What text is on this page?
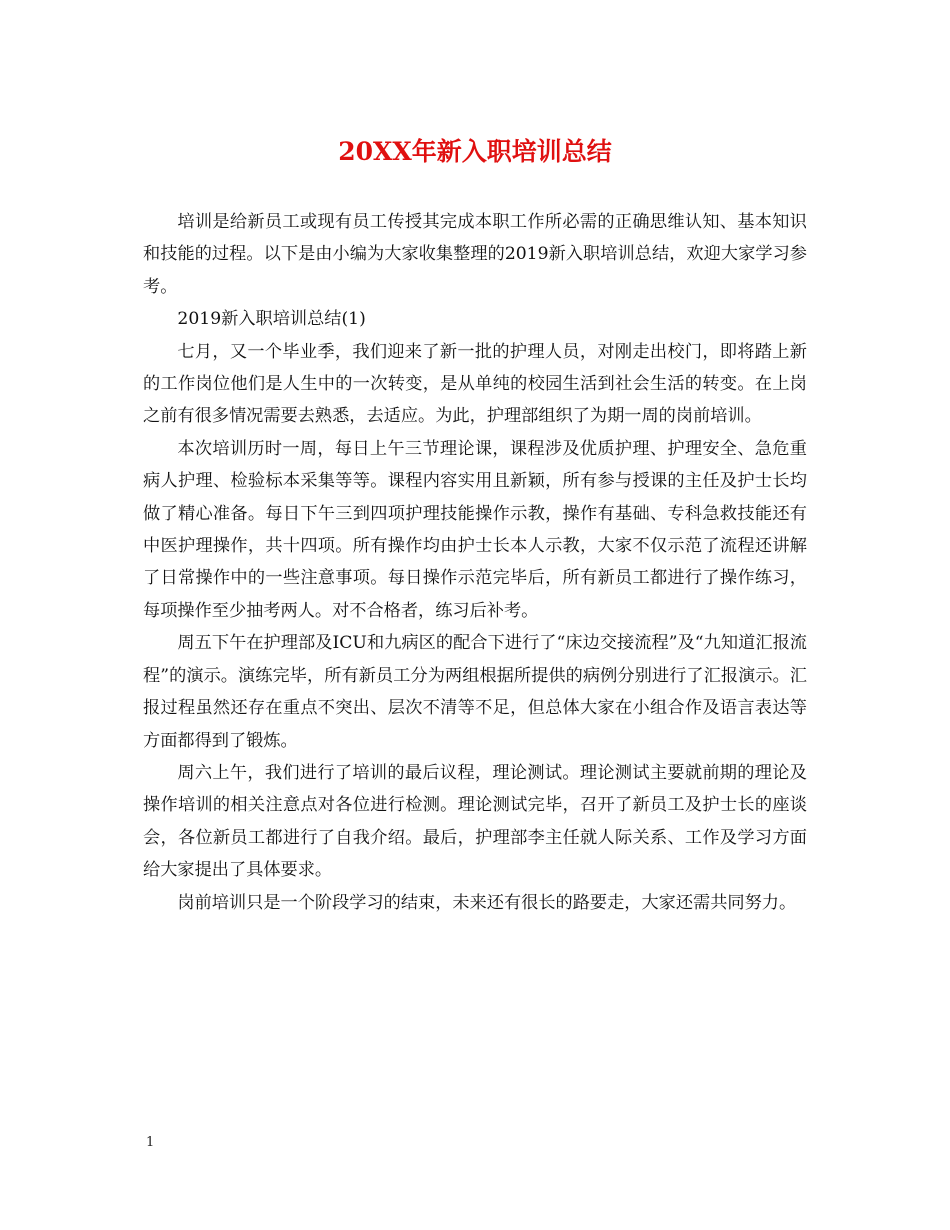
20XX年新入职培训总结

培训是给新员工或现有员工传授其完成本职工作所必需的正确思维认知、基本知识和技能的过程。以下是由小编为大家收集整理的2019新入职培训总结，欢迎大家学习参考。

2019新入职培训总结(1)

七月，又一个毕业季，我们迎来了新一批的护理人员，对刚走出校门，即将踏上新的工作岗位他们是人生中的一次转变，是从单纯的校园生活到社会生活的转变。在上岗之前有很多情况需要去熟悉，去适应。为此，护理部组织了为期一周的岗前培训。

本次培训历时一周，每日上午三节理论课，课程涉及优质护理、护理安全、急危重病人护理、检验标本采集等等。课程内容实用且新颖，所有参与授课的主任及护士长均做了精心准备。每日下午三到四项护理技能操作示教，操作有基础、专科急救技能还有中医护理操作，共十四项。所有操作均由护士长本人示教，大家不仅示范了流程还讲解了日常操作中的一些注意事项。每日操作示范完毕后，所有新员工都进行了操作练习，每项操作至少抽考两人。对不合格者，练习后补考。

周五下午在护理部及ICU和九病区的配合下进行了“床边交接流程”及“九知道汇报流程”的演示。演练完毕，所有新员工分为两组根据所提供的病例分别进行了汇报演示。汇报过程虽然还存在重点不突出、层次不清等不足，但总体大家在小组合作及语言表达等方面都得到了锻炼。

周六上午，我们进行了培训的最后议程，理论测试。理论测试主要就前期的理论及操作培训的相关注意点对各位进行检测。理论测试完毕，召开了新员工及护士长的座谈会，各位新员工都进行了自我介绍。最后，护理部李主任就人际关系、工作及学习方面给大家提出了具体要求。

岗前培训只是一个阶段学习的结束，未来还有很长的路要走，大家还需共同努力。

1
